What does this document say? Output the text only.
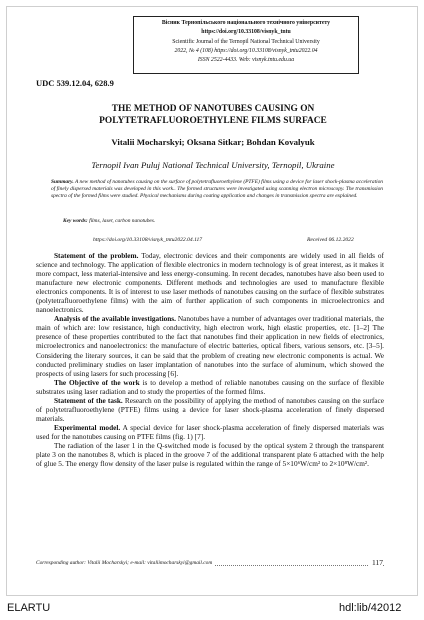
Вісник Тернопільського національного технічного університету
https://doi.org/10.33108/visnyk_tntu
Scientific Journal of the Ternopil National Technical University
2022, № 4 (108) https://doi.org/10.33108/visnyk_tntu2022.04
ISSN 2522-4433. Web: visnyk.tntu.edu.ua
UDC 539.12.04, 628.9
THE METHOD OF NANOTUBES CAUSING ON
POLYTETRAFLUOROETHYLENE FILMS SURFACE
Vitalii Mocharskyi; Oksana Sitkar; Bohdan Kovalyuk
Ternopil Ivan Puluj National Technical University, Ternopil, Ukraine
Summary. A new method of nanotubes causing on the surface of polytetrafluoroethylene (PTFE) films using a device for laser shock-plasma acceleration of finely dispersed materials was developed in this work.. The formed structures were investigated using scanning electron microscopy. The transmission spectra of the formed films were studied. Physical mechanisms during coating application and changes in transmission spectra are explained.
Key words: films, laser, carbon nanotubes.
https://doi.org/10.33108/visnyk_tntu2022.04.117	Received 06.12.2022

Statement of the problem. Today, electronic devices and their components are widely used in all fields of science and technology. The application of flexible electronics in modern technology is of great interest, as it makes it more compact, less material-intensive and less energy-consuming. In recent decades, nanotubes have also been used to manufacture new electronic components. Different methods and technologies are used to manufacture flexible electronics components. It is of interest to use laser methods of nanotubes causing on the surface of flexible substrates (polytetrafluoroethylene films) with the aim of further application of such components in microelectronics and nanoelectronics.

Analysis of the available investigations. Nanotubes have a number of advantages over traditional materials, the main of which are: low resistance, high conductivity, high electron work, high elastic properties, etc. [1–2] The presence of these properties contributed to the fact that nanotubes find their application in new fields of electronics, microelectronics and nanoelectronics: the manufacture of electric batteries, optical fibers, various sensors, etc. [3–5]. Considering the literary sources, it can be said that the problem of creating new electronic components is actual. We conducted preliminary studies on laser implantation of nanotubes into the surface of aluminum, which showed the prospects of using lasers for such processing [6].

The Objective of the work is to develop a method of reliable nanotubes causing on the surface of flexible substrates using laser radiation and to study the properties of the formed films.

Statement of the task. Research on the possibility of applying the method of nanotubes causing on the surface of polytetrafluoroethylene (PTFE) films using a device for laser shock-plasma acceleration of finely dispersed materials.

Experimental model. A special device for laser shock-plasma acceleration of finely dispersed materials was used for the nanotubes causing on PTFE films (fig. 1) [7].

The radiation of the laser 1 in the Q-switched mode is focused by the optical system 2 through the transparent plate 3 on the nanotubes 8, which is placed in the groove 7 of the additional transparent plate 6 attached with the help of glue 5. The energy flow density of the laser pulse is regulated within the range of 5×10⁶W/cm² to 2×10⁸W/cm².

Corresponding author: Vitalii Mocharskyi; e-mail: vitaliimocharskyi@gmail.com	117
ELARTU	hdl:lib/42012
